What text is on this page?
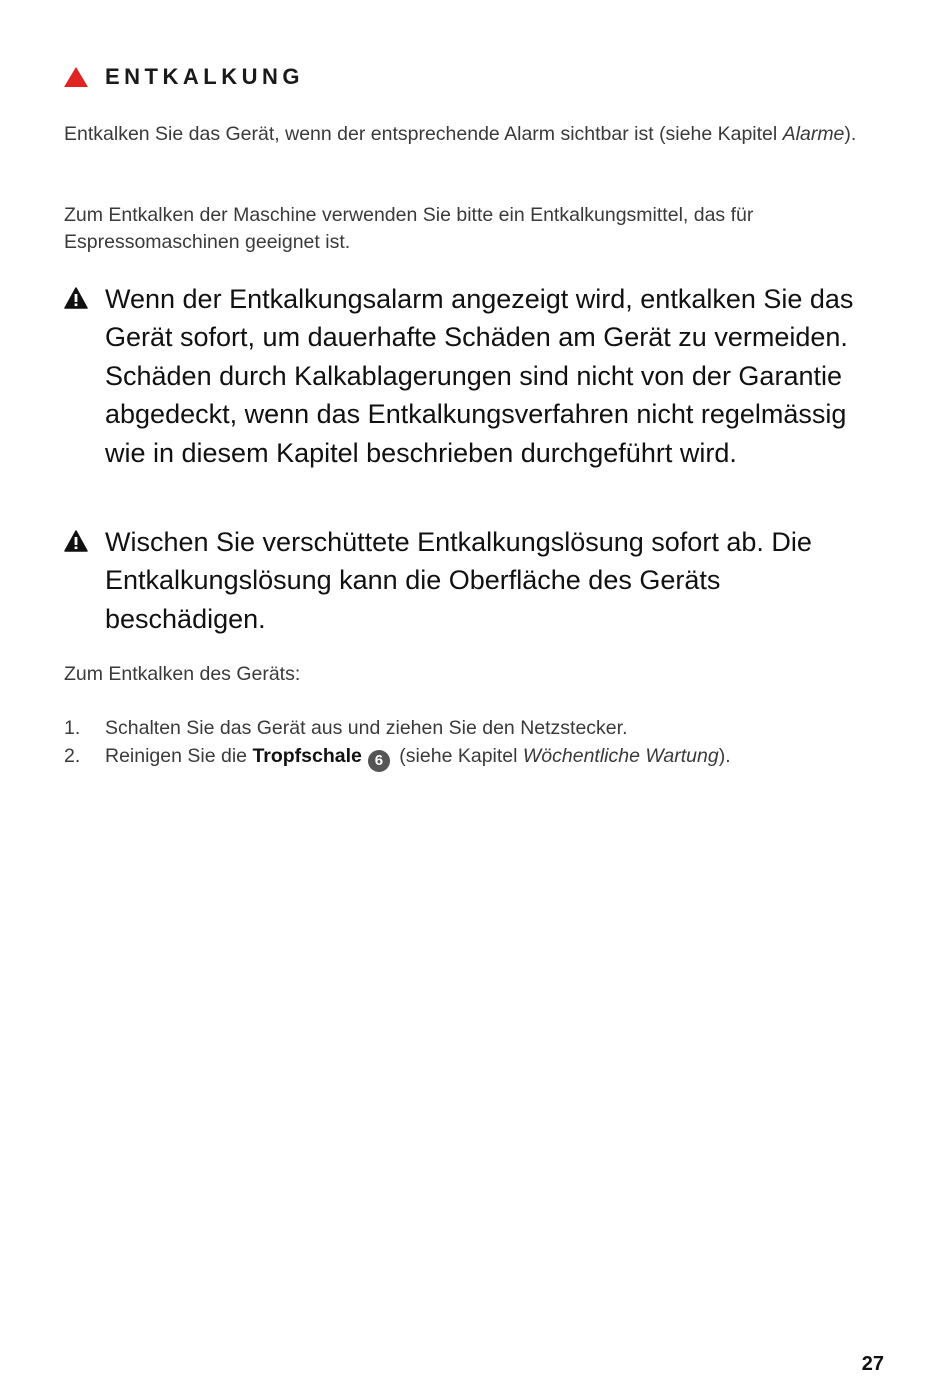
ENTKALKUNG

Entkalken Sie das Gerät, wenn der entsprechende Alarm sichtbar ist (siehe Kapitel Alarme).

Zum Entkalken der Maschine verwenden Sie bitte ein Entkalkungsmittel, das für Espressomaschinen geeignet ist.

Wenn der Entkalkungsalarm angezeigt wird, entkalken Sie das Gerät sofort, um dauerhafte Schäden am Gerät zu vermeiden. Schäden durch Kalkablagerungen sind nicht von der Garantie abgedeckt, wenn das Entkalkungsverfahren nicht regelmässig wie in diesem Kapitel beschrieben durchgeführt wird.

Wischen Sie verschüttete Entkalkungslösung sofort ab. Die Entkalkungslösung kann die Oberfläche des Geräts beschädigen.

Zum Entkalken des Geräts:

1.	Schalten Sie das Gerät aus und ziehen Sie den Netzstecker.
2.	Reinigen Sie die Tropfschale 6 (siehe Kapitel Wöchentliche Wartung).
27
